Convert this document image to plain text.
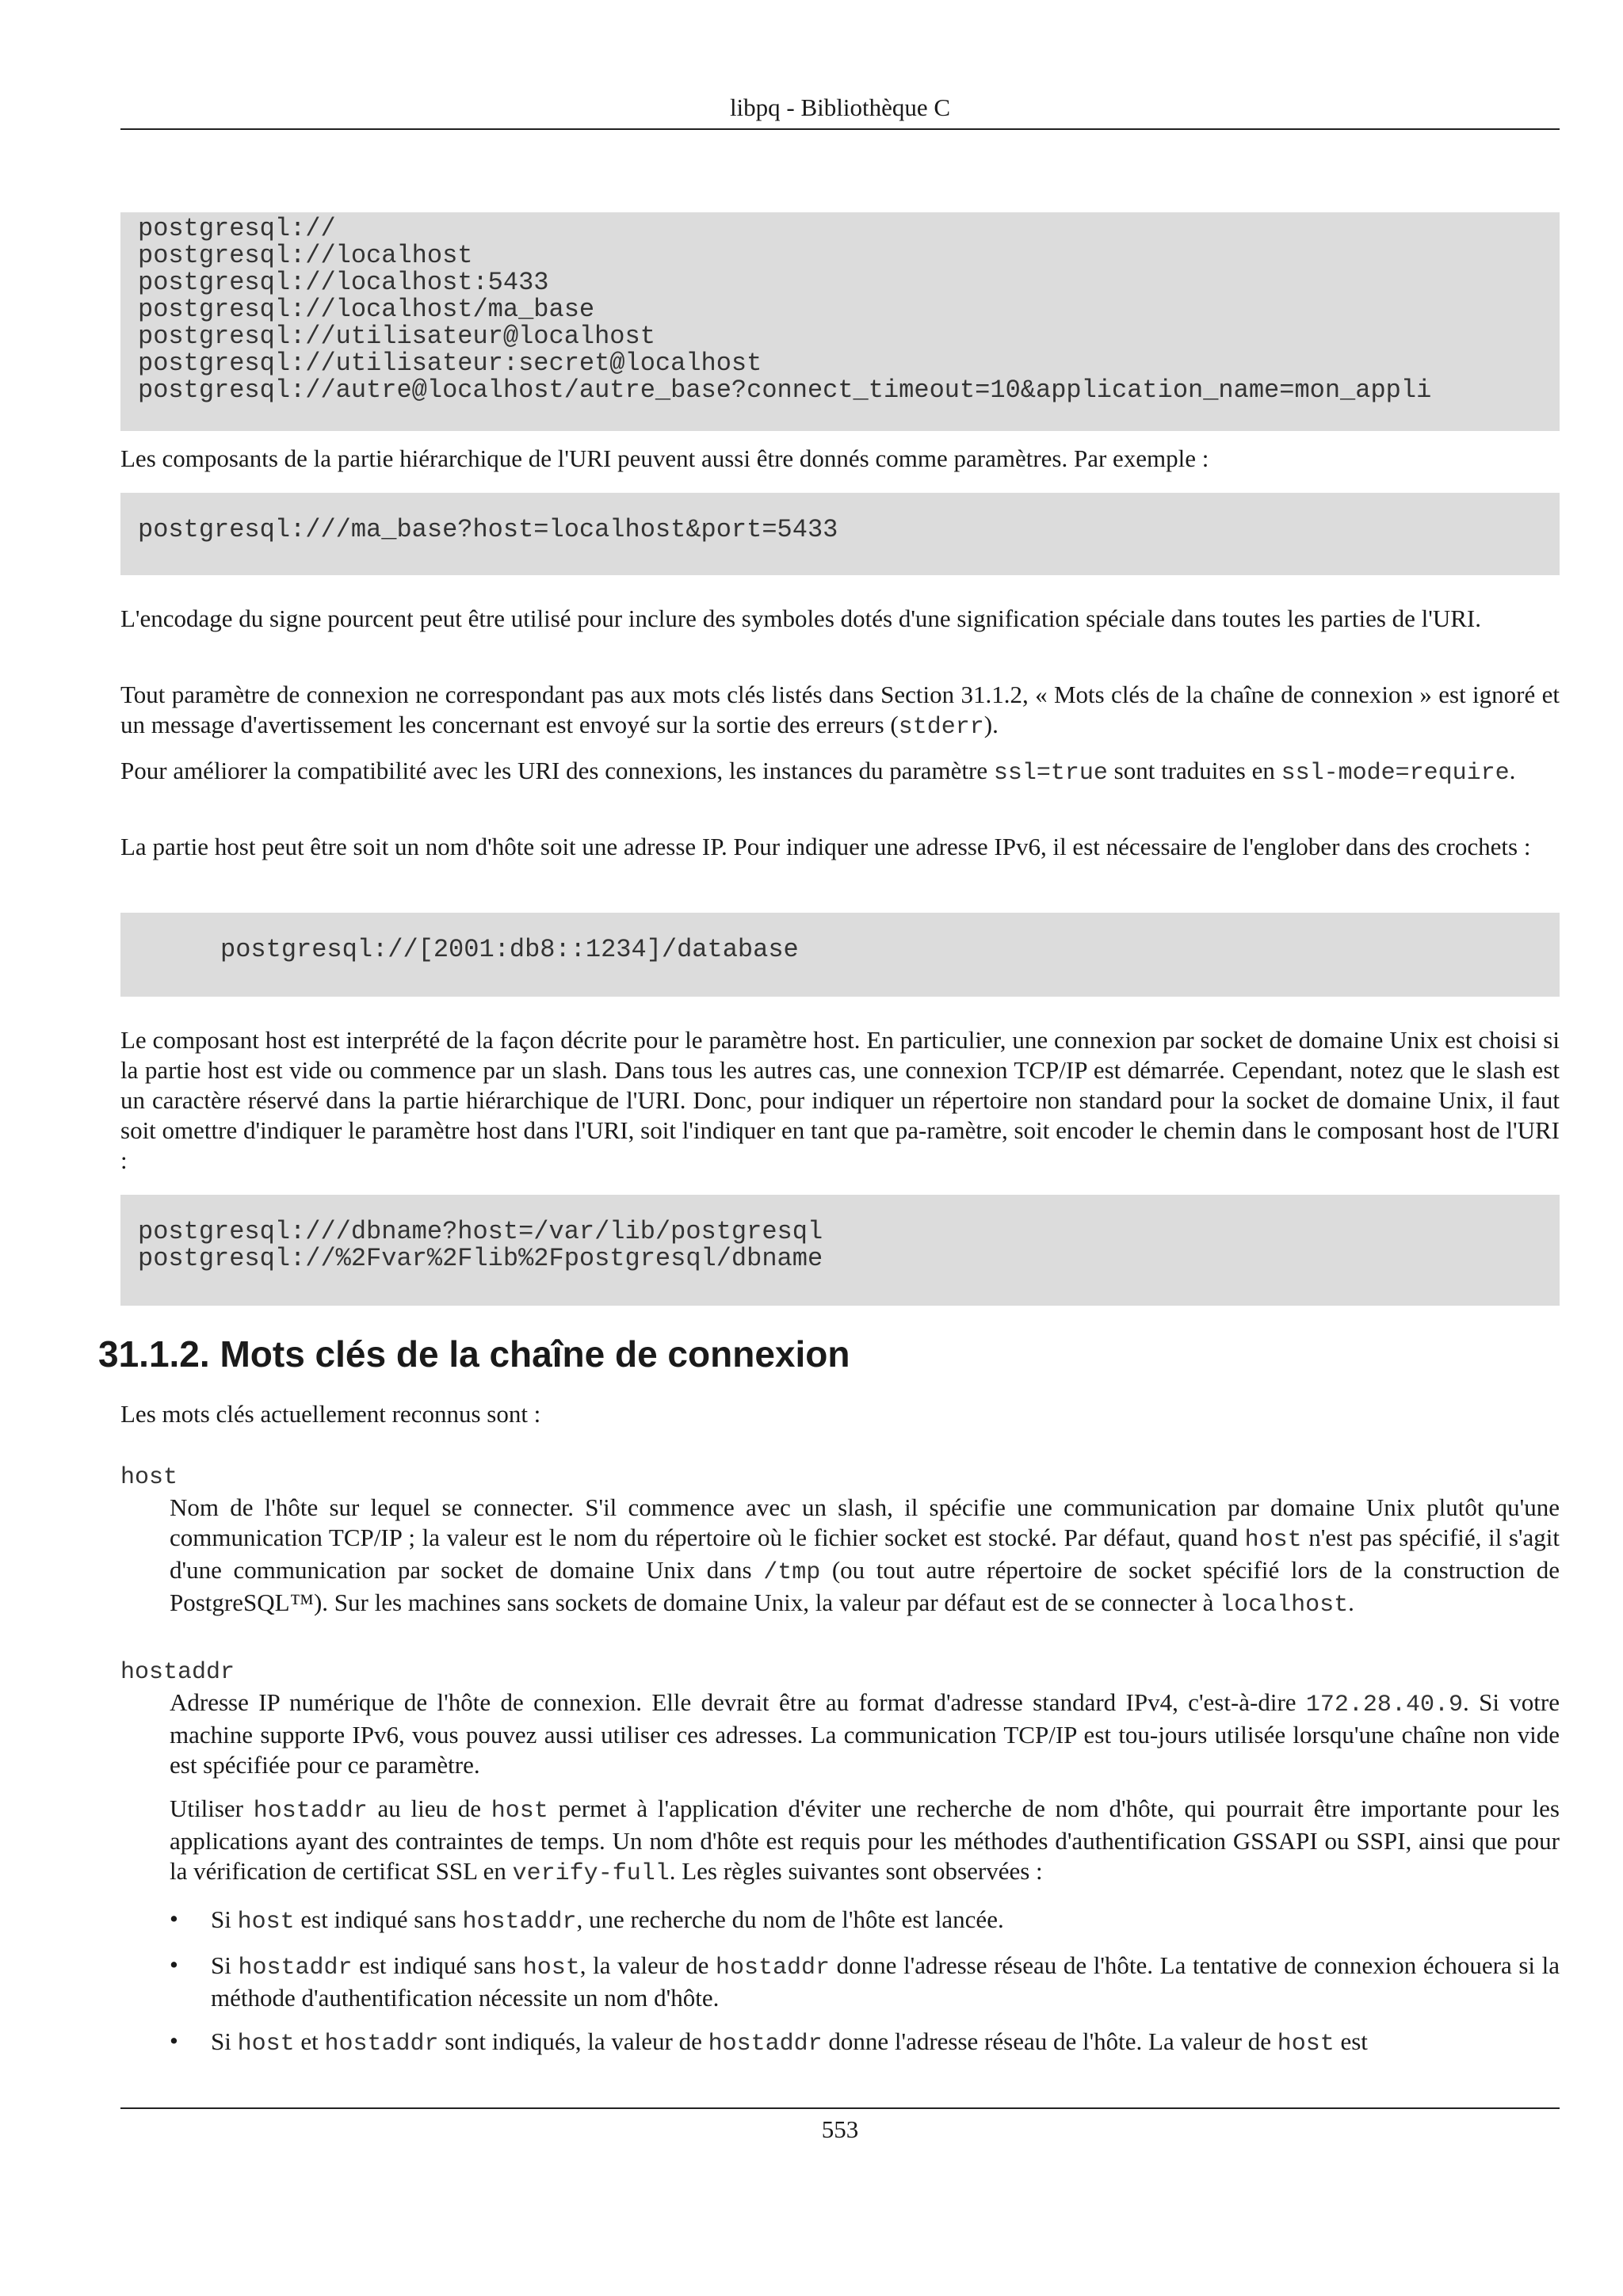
libpq - Bibliothèque C
postgresql://
postgresql://localhost
postgresql://localhost:5433
postgresql://localhost/ma_base
postgresql://utilisateur@localhost
postgresql://utilisateur:secret@localhost
postgresql://autre@localhost/autre_base?connect_timeout=10&application_name=mon_appli
Les composants de la partie hiérarchique de l'URI peuvent aussi être donnés comme paramètres. Par exemple :
postgresql:///ma_base?host=localhost&port=5433
L'encodage du signe pourcent peut être utilisé pour inclure des symboles dotés d'une signification spéciale dans toutes les parties de l'URI.
Tout paramètre de connexion ne correspondant pas aux mots clés listés dans Section 31.1.2, « Mots clés de la chaîne de connexion » est ignoré et un message d'avertissement les concernant est envoyé sur la sortie des erreurs (stderr).
Pour améliorer la compatibilité avec les URI des connexions, les instances du paramètre ssl=true sont traduites en ssl-mode=require.
La partie host peut être soit un nom d'hôte soit une adresse IP. Pour indiquer une adresse IPv6, il est nécessaire de l'englober dans des crochets :
postgresql://[2001:db8::1234]/database
Le composant host est interprété de la façon décrite pour le paramètre host. En particulier, une connexion par socket de domaine Unix est choisi si la partie host est vide ou commence par un slash. Dans tous les autres cas, une connexion TCP/IP est démarrée. Cependant, notez que le slash est un caractère réservé dans la partie hiérarchique de l'URI. Donc, pour indiquer un répertoire non standard pour la socket de domaine Unix, il faut soit omettre d'indiquer le paramètre host dans l'URI, soit l'indiquer en tant que pa-ramètre, soit encoder le chemin dans le composant host de l'URI :
postgresql:///dbname?host=/var/lib/postgresql
postgresql://%2Fvar%2Flib%2Fpostgresql/dbname
31.1.2. Mots clés de la chaîne de connexion
Les mots clés actuellement reconnus sont :
host
Nom de l'hôte sur lequel se connecter. S'il commence avec un slash, il spécifie une communication par domaine Unix plutôt qu'une communication TCP/IP ; la valeur est le nom du répertoire où le fichier socket est stocké. Par défaut, quand host n'est pas spécifié, il s'agit d'une communication par socket de domaine Unix dans /tmp (ou tout autre répertoire de socket spécifié lors de la construction de PostgreSQL™). Sur les machines sans sockets de domaine Unix, la valeur par défaut est de se connecter à localhost.
hostaddr
Adresse IP numérique de l'hôte de connexion. Elle devrait être au format d'adresse standard IPv4, c'est-à-dire 172.28.40.9. Si votre machine supporte IPv6, vous pouvez aussi utiliser ces adresses. La communication TCP/IP est tou-jours utilisée lorsqu'une chaîne non vide est spécifiée pour ce paramètre.
Utiliser hostaddr au lieu de host permet à l'application d'éviter une recherche de nom d'hôte, qui pourrait être importante pour les applications ayant des contraintes de temps. Un nom d'hôte est requis pour les méthodes d'authentification GSSAPI ou SSPI, ainsi que pour la vérification de certificat SSL en verify-full. Les règles suivantes sont observées :
• Si host est indiqué sans hostaddr, une recherche du nom de l'hôte est lancée.
• Si hostaddr est indiqué sans host, la valeur de hostaddr donne l'adresse réseau de l'hôte. La tentative de connexion échouera si la méthode d'authentification nécessite un nom d'hôte.
• Si host et hostaddr sont indiqués, la valeur de hostaddr donne l'adresse réseau de l'hôte. La valeur de host est
553
